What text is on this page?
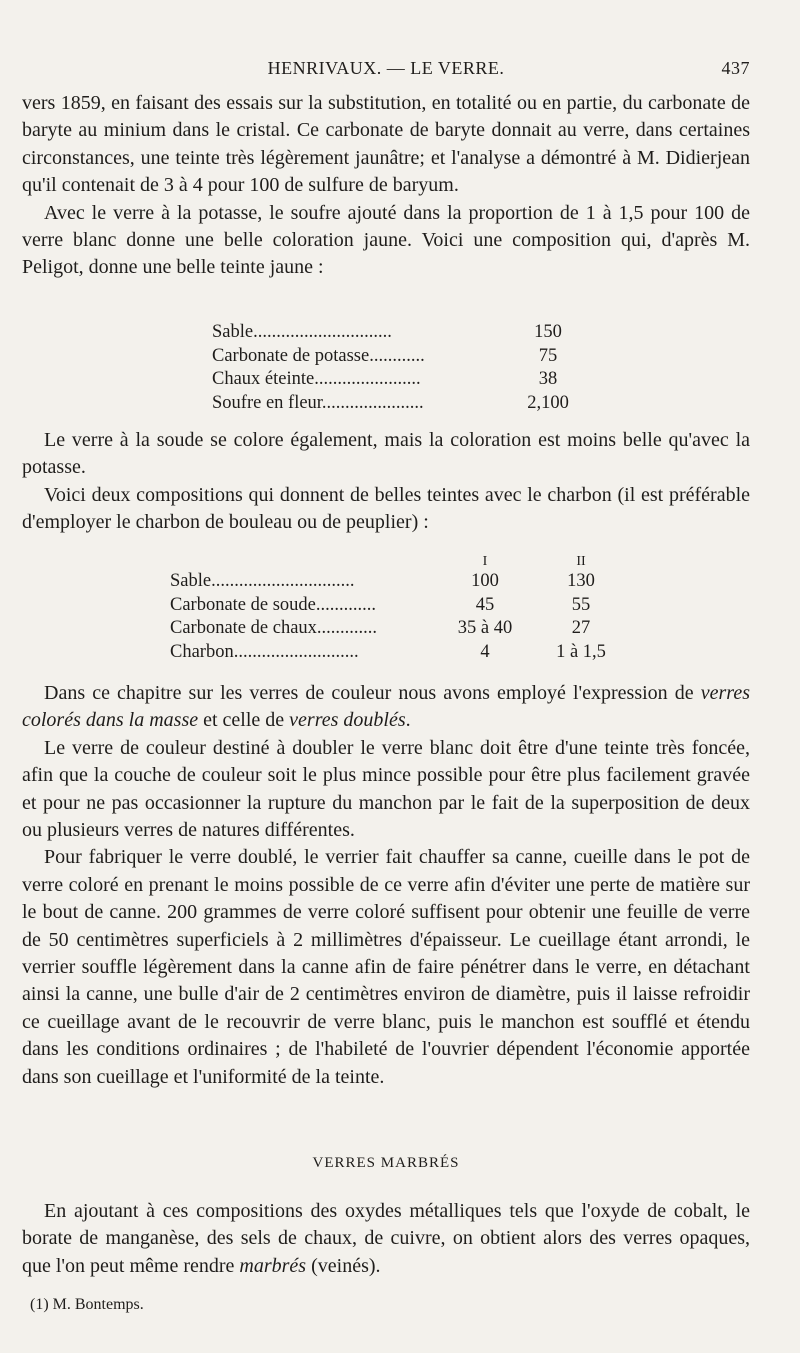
HENRIVAUX. — LE VERRE.	437

vers 1859, en faisant des essais sur la substitution, en totalité ou en partie, du carbonate de baryte au minium dans le cristal. Ce carbonate de baryte donnait au verre, dans certaines circonstances, une teinte très légèrement jaunâtre; et l'analyse a démontré à M. Didierjean qu'il contenait de 3 à 4 pour 100 de sulfure de baryum.

Avec le verre à la potasse, le soufre ajouté dans la proportion de 1 à 1,5 pour 100 de verre blanc donne une belle coloration jaune. Voici une composition qui, d'après M. Peligot, donne une belle teinte jaune :

Sable..............................	150
Carbonate de potasse............	75
Chaux éteinte.......................	38
Soufre en fleur......................	2,100

Le verre à la soude se colore également, mais la coloration est moins belle qu'avec la potasse.

Voici deux compositions qui donnent de belles teintes avec le charbon (il est préférable d'employer le charbon de bouleau ou de peuplier) :

I	II
Sable...............................	100	130
Carbonate de soude.............	45	55
Carbonate de chaux.............	35 à 40	27
Charbon...........................	4	1 à 1,5

Dans ce chapitre sur les verres de couleur nous avons employé l'expression de verres colorés dans la masse et celle de verres doublés.

Le verre de couleur destiné à doubler le verre blanc doit être d'une teinte très foncée, afin que la couche de couleur soit le plus mince possible pour être plus facilement gravée et pour ne pas occasionner la rupture du manchon par le fait de la superposition de deux ou plusieurs verres de natures différentes.

Pour fabriquer le verre doublé, le verrier fait chauffer sa canne, cueille dans le pot de verre coloré en prenant le moins possible de ce verre afin d'éviter une perte de matière sur le bout de canne. 200 grammes de verre coloré suffisent pour obtenir une feuille de verre de 50 centimètres superficiels à 2 millimètres d'épaisseur. Le cueillage étant arrondi, le verrier souffle légèrement dans la canne afin de faire pénétrer dans le verre, en détachant ainsi la canne, une bulle d'air de 2 centimètres environ de diamètre, puis il laisse refroidir ce cueillage avant de le recouvrir de verre blanc, puis le manchon est soufflé et étendu dans les conditions ordinaires ; de l'habileté de l'ouvrier dépendent l'économie apportée dans son cueillage et l'uniformité de la teinte.

VERRES MARBRÉS

En ajoutant à ces compositions des oxydes métalliques tels que l'oxyde de cobalt, le borate de manganèse, des sels de chaux, de cuivre, on obtient alors des verres opaques, que l'on peut même rendre marbrés (veinés).

(1) M. Bontemps.
